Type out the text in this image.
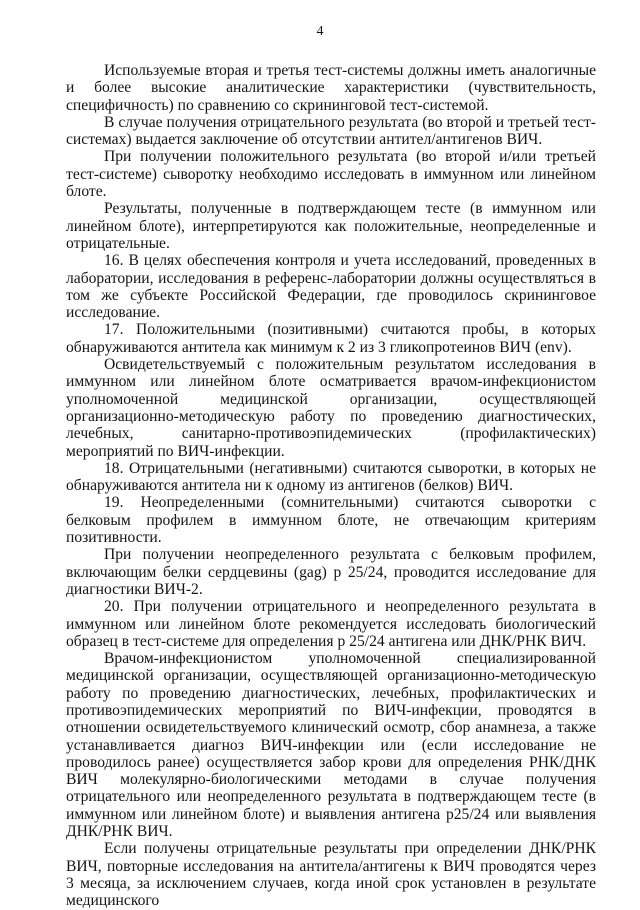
4

Используемые вторая и третья тест-системы должны иметь аналогичные и более высокие аналитические характеристики (чувствительность, специфичность) по сравнению со скрининговой тест-системой.

В случае получения отрицательного результата (во второй и третьей тест-системах) выдается заключение об отсутствии антител/антигенов ВИЧ.

При получении положительного результата (во второй и/или третьей тест-системе) сыворотку необходимо исследовать в иммунном или линейном блоте.

Результаты, полученные в подтверждающем тесте (в иммунном или линейном блоте), интерпретируются как положительные, неопределенные и отрицательные.

16. В целях обеспечения контроля и учета исследований, проведенных в лаборатории, исследования в референс-лаборатории должны осуществляться в том же субъекте Российской Федерации, где проводилось скрининговое исследование.

17. Положительными (позитивными) считаются пробы, в которых обнаруживаются антитела как минимум к 2 из 3 гликопротеинов ВИЧ (env).

Освидетельствуемый с положительным результатом исследования в иммунном или линейном блоте осматривается врачом-инфекционистом уполномоченной медицинской организации, осуществляющей организационно-методическую работу по проведению диагностических, лечебных, санитарно-противоэпидемических (профилактических) мероприятий по ВИЧ-инфекции.

18. Отрицательными (негативными) считаются сыворотки, в которых не обнаруживаются антитела ни к одному из антигенов (белков) ВИЧ.

19. Неопределенными (сомнительными) считаются сыворотки с белковым профилем в иммунном блоте, не отвечающим критериям позитивности.

При получении неопределенного результата с белковым профилем, включающим белки сердцевины (gag) p 25/24, проводится исследование для диагностики ВИЧ-2.

20. При получении отрицательного и неопределенного результата в иммунном или линейном блоте рекомендуется исследовать биологический образец в тест-системе для определения p 25/24 антигена или ДНК/РНК ВИЧ.

Врачом-инфекционистом уполномоченной специализированной медицинской организации, осуществляющей организационно-методическую работу по проведению диагностических, лечебных, профилактических и противоэпидемических мероприятий по ВИЧ-инфекции, проводятся в отношении освидетельствуемого клинический осмотр, сбор анамнеза, а также устанавливается диагноз ВИЧ-инфекции или (если исследование не проводилось ранее) осуществляется забор крови для определения РНК/ДНК ВИЧ молекулярно-биологическими методами в случае получения отрицательного или неопределенного результата в подтверждающем тесте (в иммунном или линейном блоте) и выявления антигена p25/24 или выявления ДНК/РНК ВИЧ.

Если получены отрицательные результаты при определении ДНК/РНК ВИЧ, повторные исследования на антитела/антигены к ВИЧ проводятся через 3 месяца, за исключением случаев, когда иной срок установлен в результате медицинского
